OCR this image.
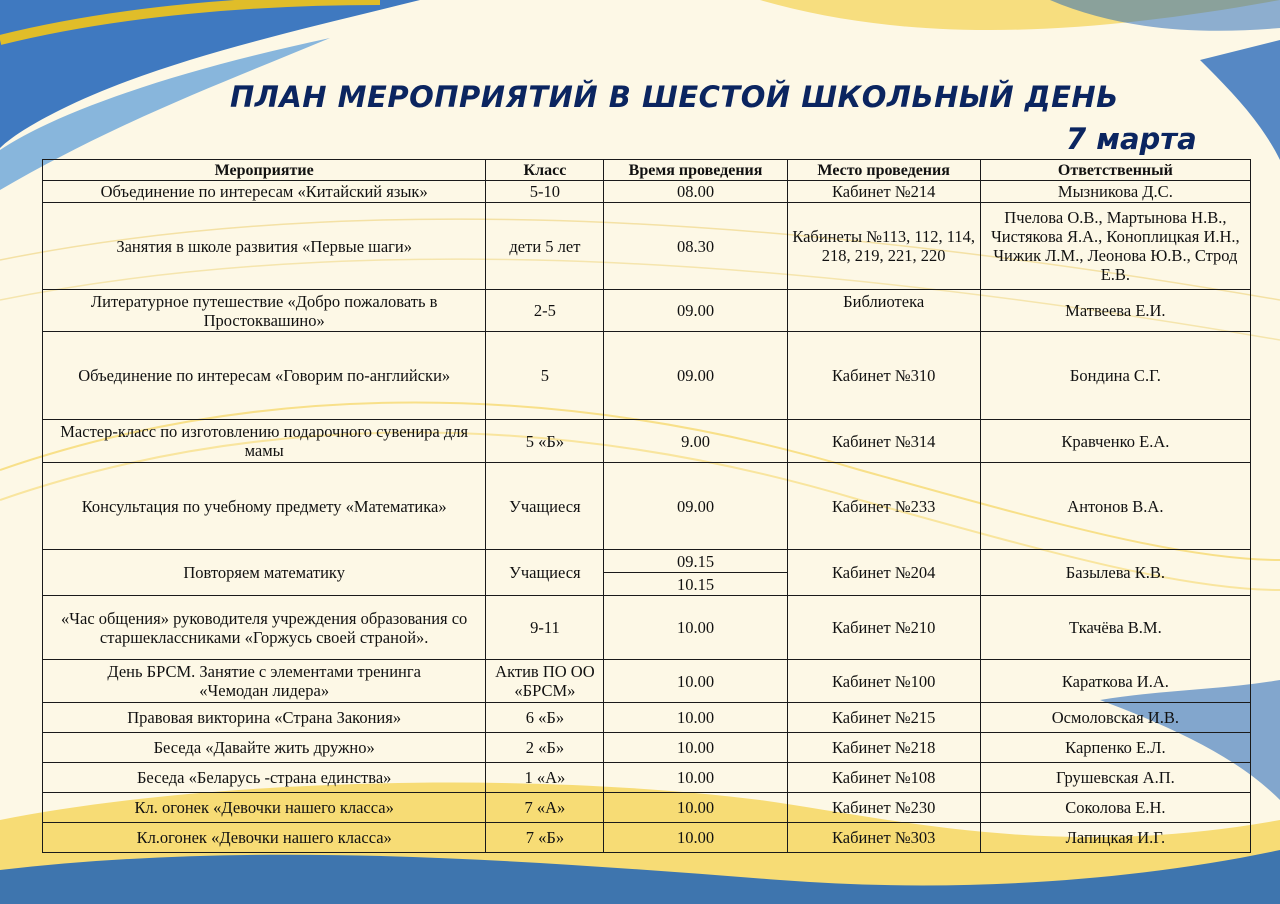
ПЛАН МЕРОПРИЯТИЙ В ШЕСТОЙ ШКОЛЬНЫЙ ДЕНЬ
7 марта
Мероприятие	Класс	Время проведения	Место проведения	Ответственный
Объединение по интересам «Китайский язык»	5-10	08.00	Кабинет №214	Мызникова Д.С.
Занятия в школе развития «Первые шаги»	дети 5 лет	08.30	Кабинеты №113, 112, 114, 218, 219, 221, 220	Пчелова О.В., Мартынова Н.В., Чистякова Я.А., Коноплицкая И.Н., Чижик Л.М., Леонова Ю.В., Строд Е.В.
Литературное путешествие «Добро пожаловать в Простоквашино»	2-5	09.00	Библиотека	Матвеева Е.И.
Объединение по интересам «Говорим по-английски»	5	09.00	Кабинет №310	Бондина С.Г.
Мастер-класс по изготовлению подарочного сувенира для мамы	5 «Б»	9.00	Кабинет №314	Кравченко Е.А.
Консультация по учебному предмету «Математика»	Учащиеся	09.00	Кабинет №233	Антонов В.А.
Повторяем математику	Учащиеся	09.15	Кабинет №204	Базылева К.В.
		10.15		
«Час общения» руководителя учреждения образования со старшеклассниками «Горжусь своей страной».	9-11	10.00	Кабинет №210	Ткачёва В.М.
День БРСМ. Занятие с элементами тренинга «Чемодан лидера»	Актив ПО ОО «БРСМ»	10.00	Кабинет №100	Караткова И.А.
Правовая викторина «Страна Закония»	6 «Б»	10.00	Кабинет №215	Осмоловская И.В.
Беседа «Давайте жить дружно»	2 «Б»	10.00	Кабинет №218	Карпенко Е.Л.
Беседа «Беларусь -страна единства»	1 «А»	10.00	Кабинет №108	Грушевская А.П.
Кл. огонек «Девочки нашего класса»	7 «А»	10.00	Кабинет №230	Соколова Е.Н.
Кл.огонек «Девочки нашего класса»	7 «Б»	10.00	Кабинет №303	Лапицкая И.Г.
